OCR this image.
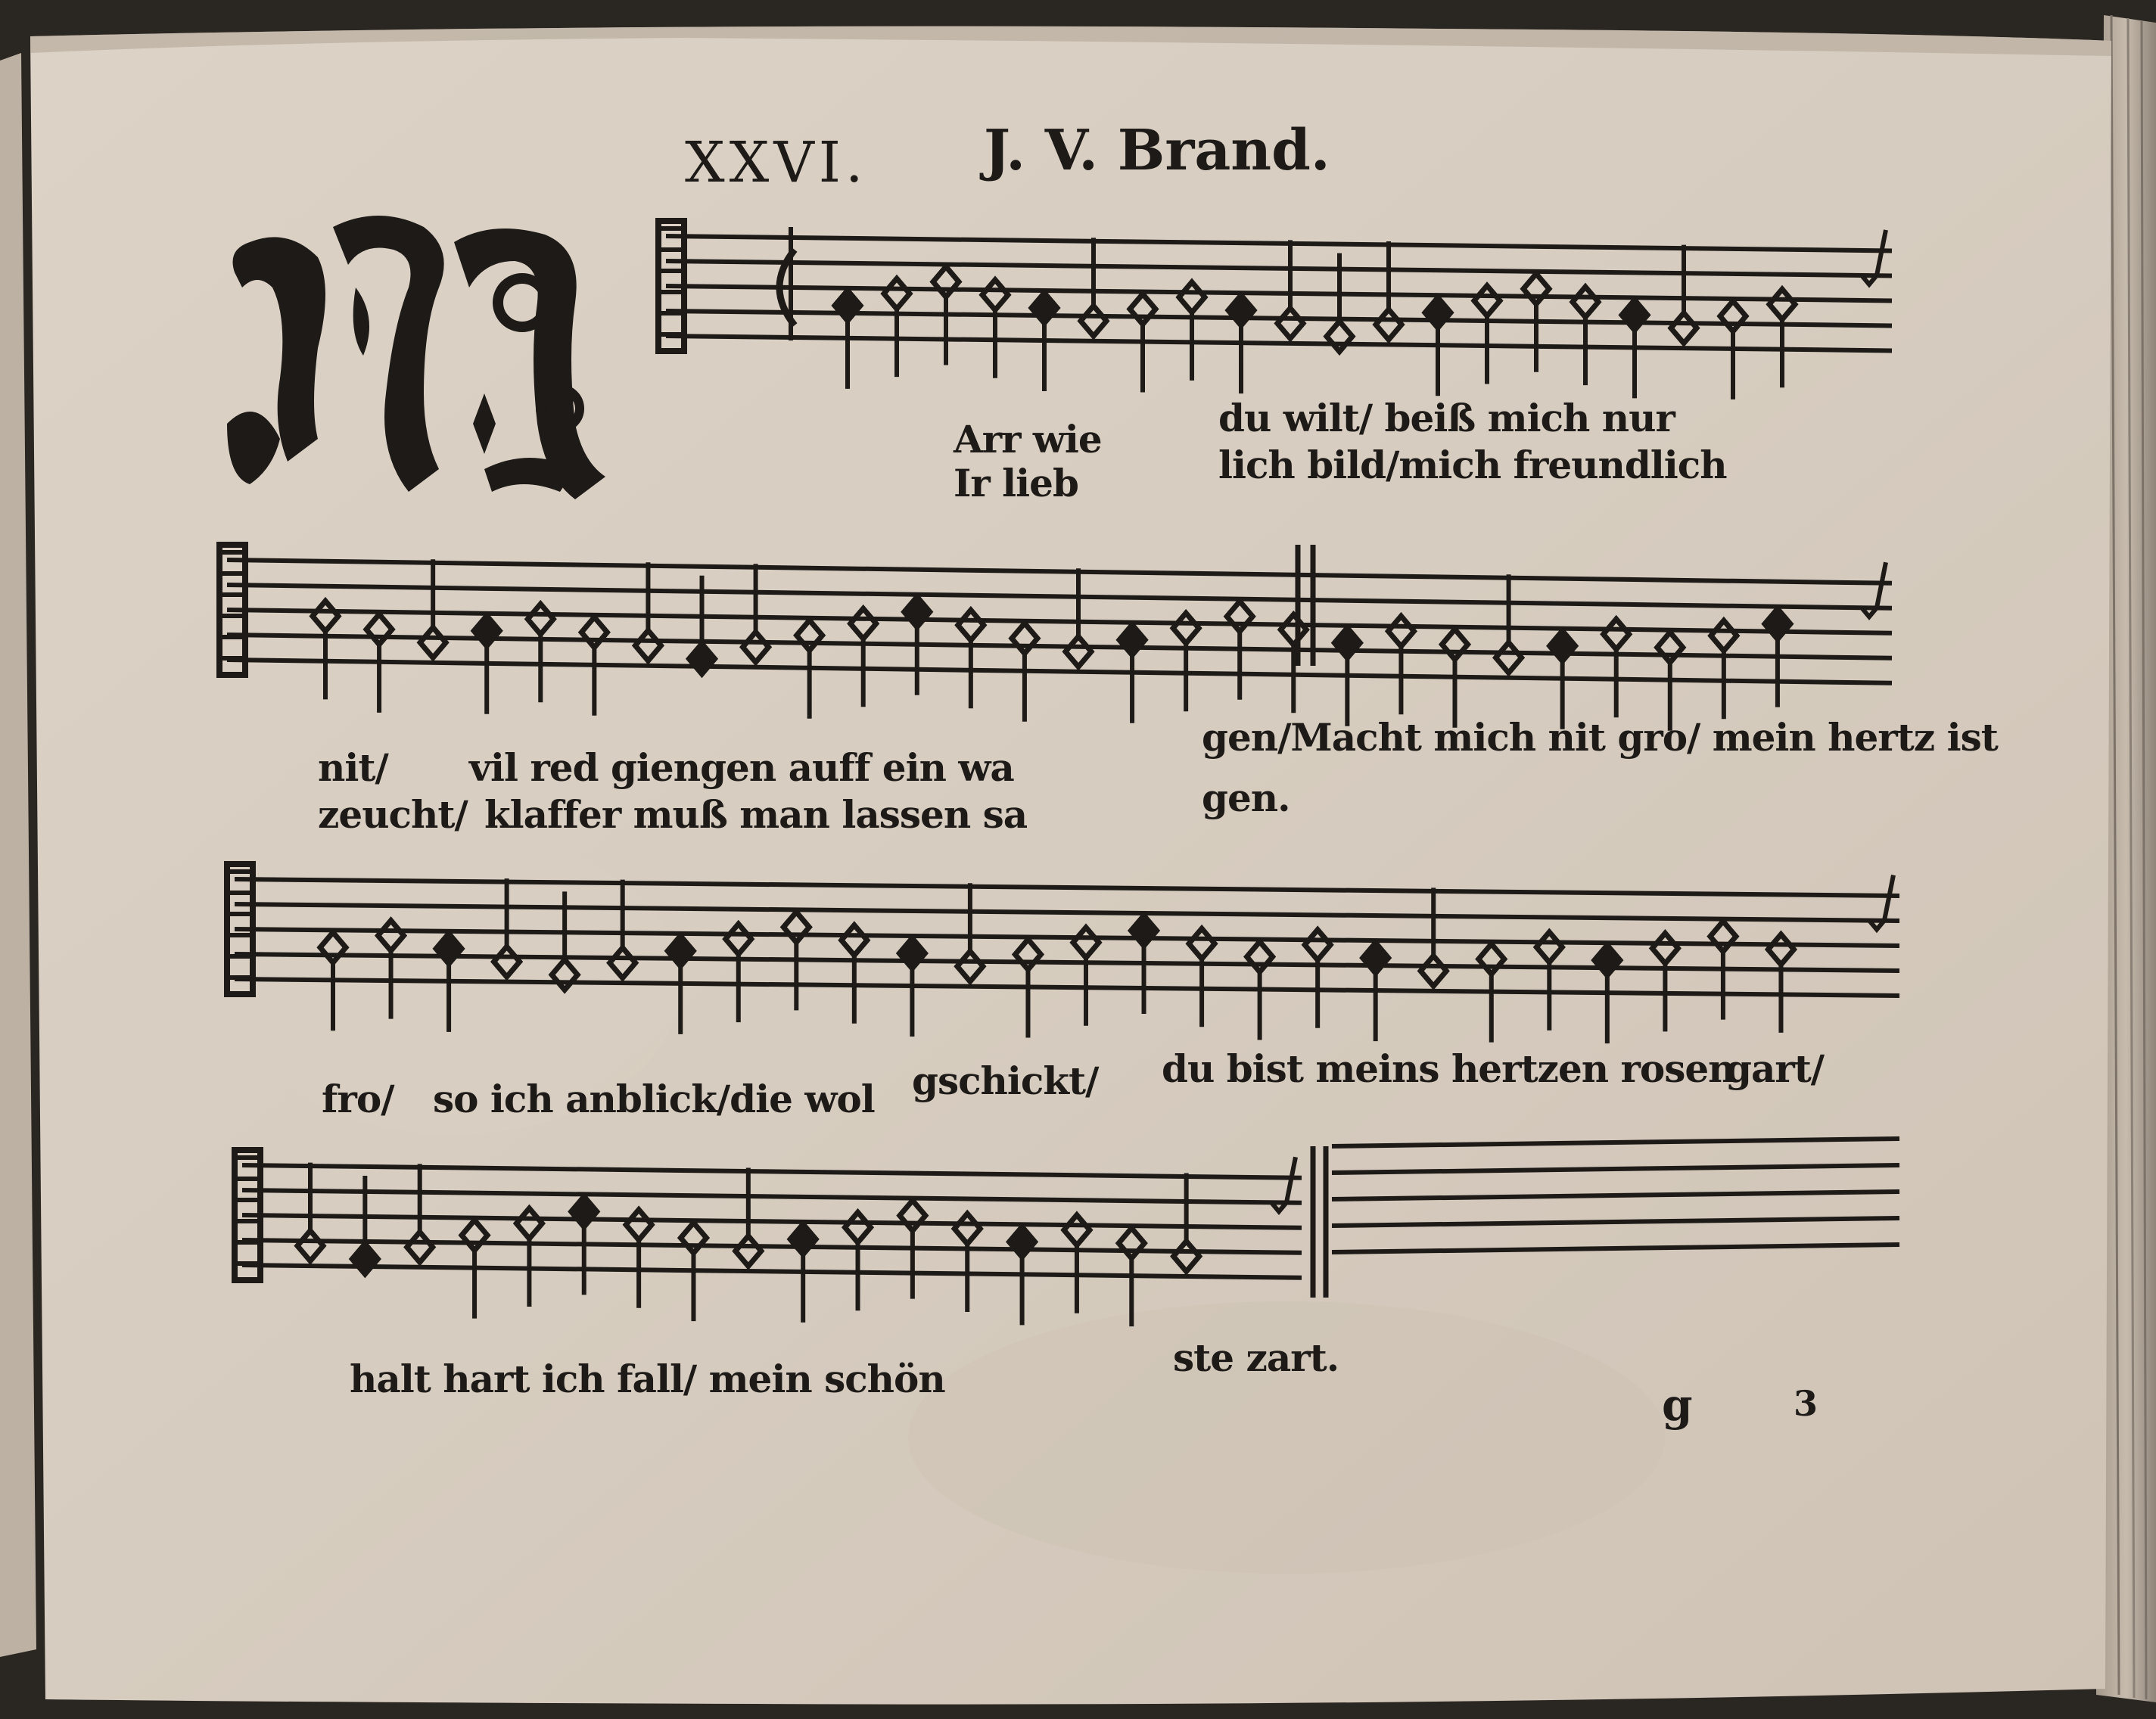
XXVI. J. V. Brand.
Arr wie
Ir lieb
du wilt/ beiß mich nur
lich bild/mich freundlich
nit/
zeucht/
vil red giengen auff ein wa
klaffer muß man lassen sa
gen/Macht mich nit gro/ mein hertz ist
gen.
fro/ so ich anblick/die wol gschickt/ du bist meins hertzen rosen
gart/
halt hart ich fall/ mein schön	ste zart.
g	3
